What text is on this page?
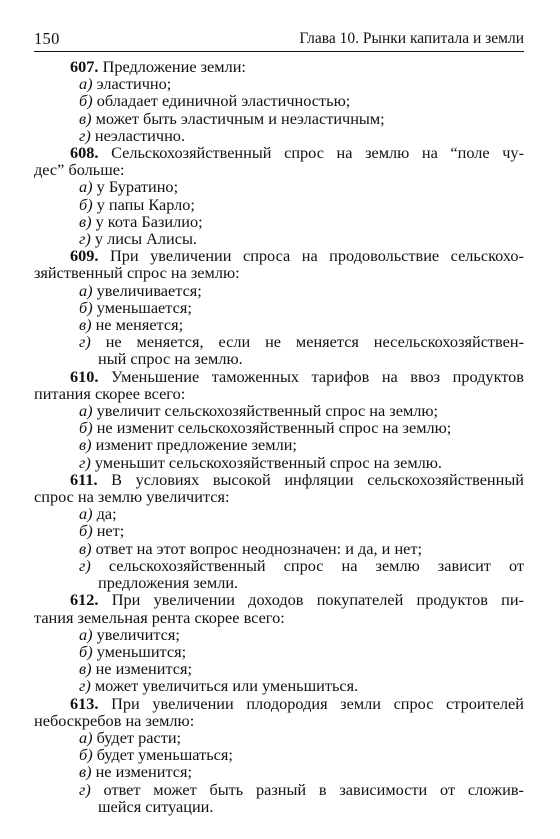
150	Глава 10. Рынки капитала и земли
607. Предложение земли:
а) эластично;
б) обладает единичной эластичностью;
в) может быть эластичным и неэластичным;
г) неэластично.
608. Сельскохозяйственный спрос на землю на “поле чу-
дес” больше:
а) у Буратино;
б) у папы Карло;
в) у кота Базилио;
г) у лисы Алисы.
609. При увеличении спроса на продовольствие сельскохо-
зяйственный спрос на землю:
а) увеличивается;
б) уменьшается;
в) не меняется;
г) не меняется, если не меняется несельскохозяйствен-
ный спрос на землю.
610. Уменьшение таможенных тарифов на ввоз продуктов
питания скорее всего:
а) увеличит сельскохозяйственный спрос на землю;
б) не изменит сельскохозяйственный спрос на землю;
в) изменит предложение земли;
г) уменьшит сельскохозяйственный спрос на землю.
611. В условиях высокой инфляции сельскохозяйственный
спрос на землю увеличится:
а) да;
б) нет;
в) ответ на этот вопрос неоднозначен: и да, и нет;
г) сельскохозяйственный спрос на землю зависит от
предложения земли.
612. При увеличении доходов покупателей продуктов пи-
тания земельная рента скорее всего:
а) увеличится;
б) уменьшится;
в) не изменится;
г) может увеличиться или уменьшиться.
613. При увеличении плодородия земли спрос строителей
небоскребов на землю:
а) будет расти;
б) будет уменьшаться;
в) не изменится;
г) ответ может быть разный в зависимости от сложив-
шейся ситуации.
